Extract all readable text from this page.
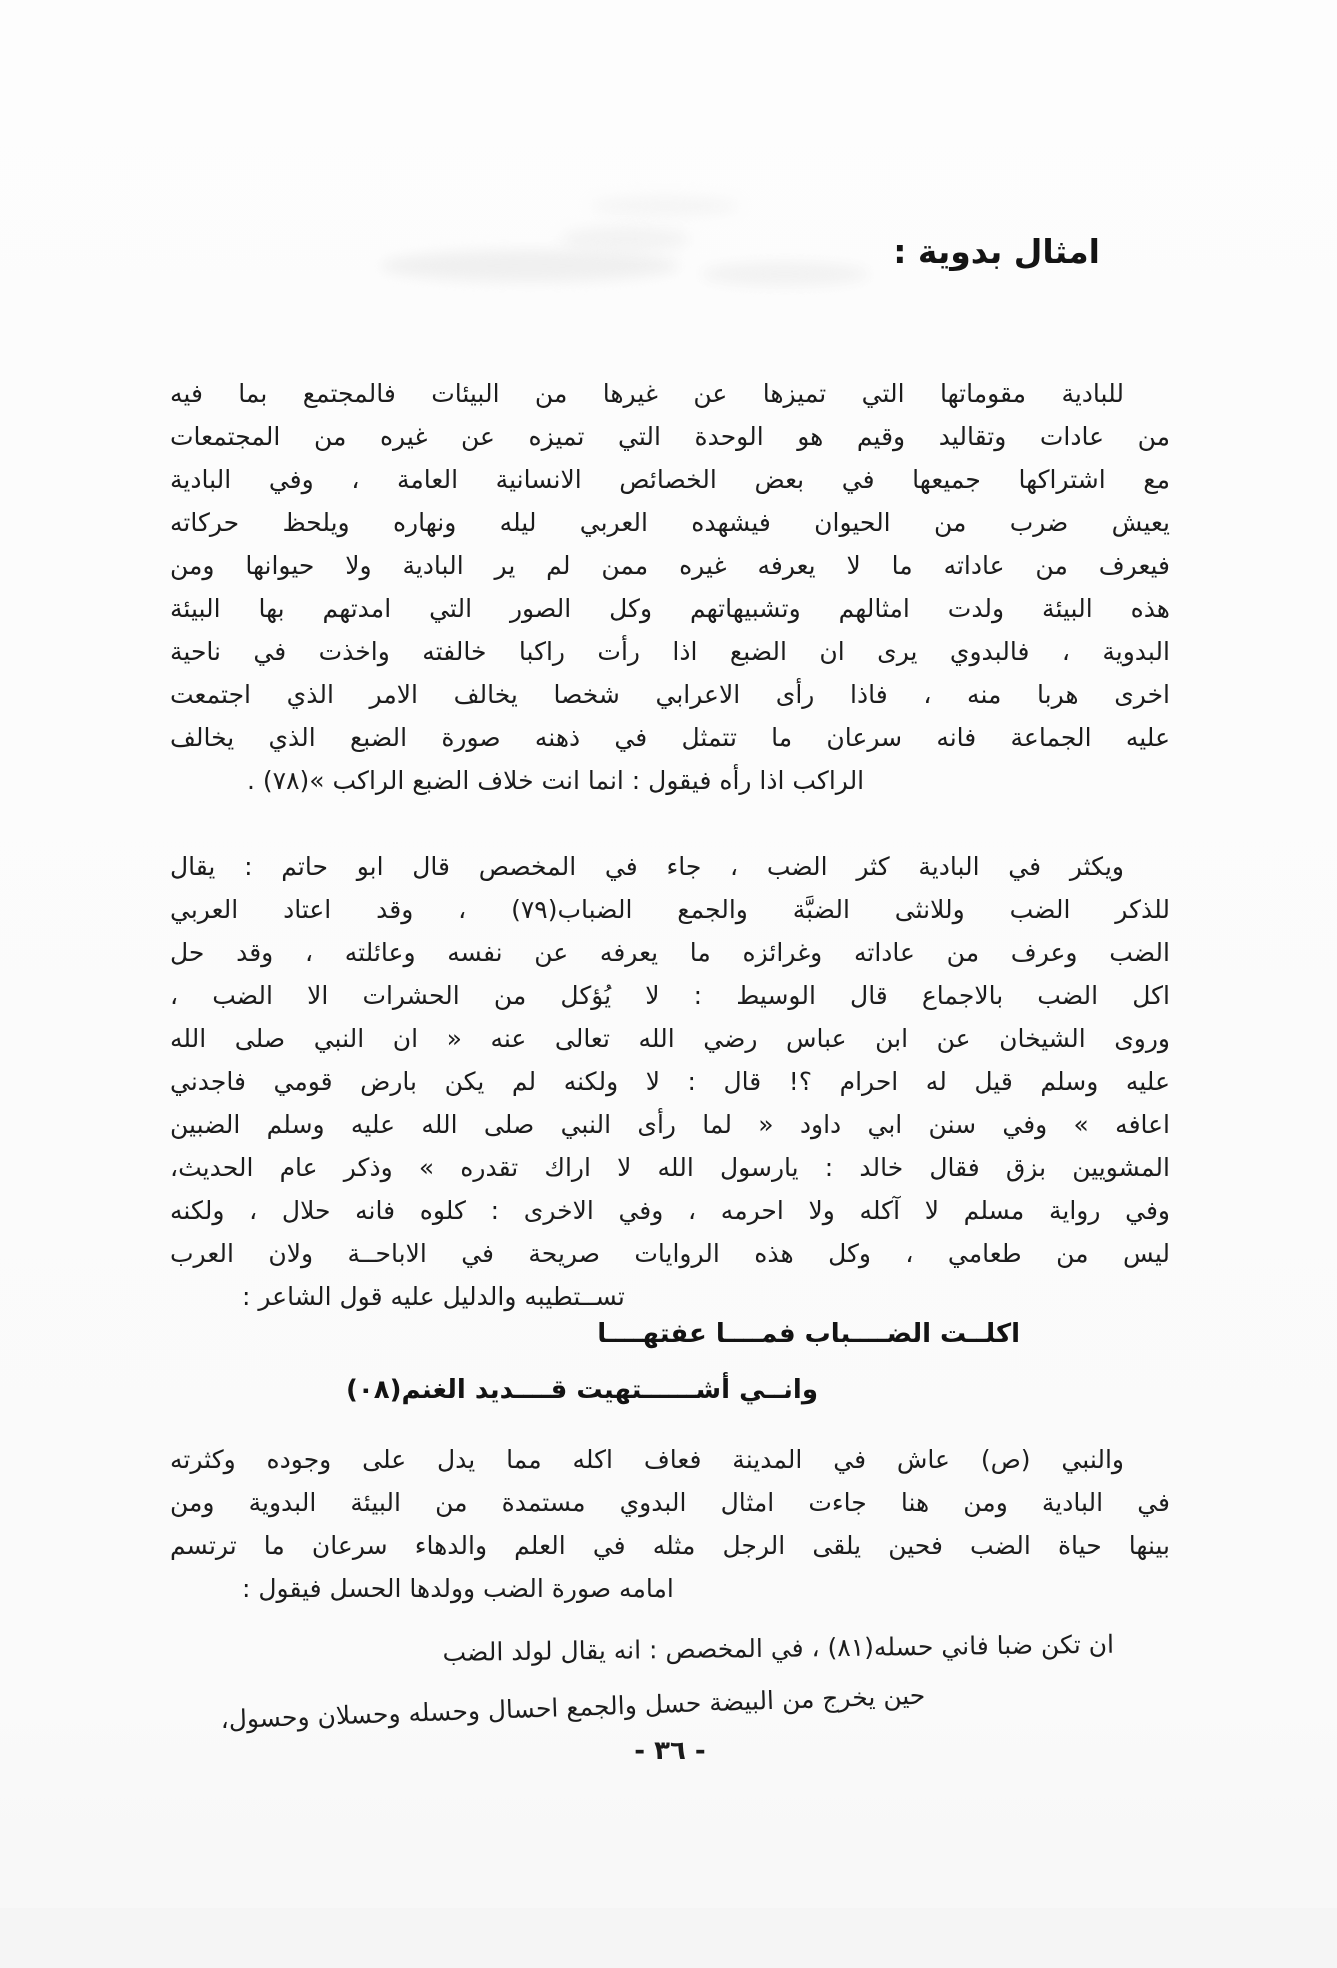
امثال بدوية :
للبادية مقوماتها التي تميزها عن غيرها من البيئات فالمجتمع بما فيه
من عادات وتقاليد وقيم هو الوحدة التي تميزه عن غيره من المجتمعات
مع اشتراكها جميعها في بعض الخصائص الانسانية العامة ، وفي البادية
يعيش ضرب من الحيوان فيشهده العربي ليله ونهاره ويلحظ حركاته
فيعرف من عاداته ما لا يعرفه غيره ممن لم ير البادية ولا حيوانها ومن
هذه البيئة ولدت امثالهم وتشبيهاتهم وكل الصور التي امدتهم بها البيئة
البدوية ، فالبدوي يرى ان الضبع اذا رأت راكبا خالفته واخذت في ناحية
اخرى هربا منه ، فاذا رأى الاعرابي شخصا يخالف الامر الذي اجتمعت
عليه الجماعة فانه سرعان ما تتمثل في ذهنه صورة الضبع الذي يخالف
الراكب اذا رأه فيقول : انما انت خلاف الضبع الراكب »(٧٨) .
ويكثر في البادية كثر الضب ، جاء في المخصص قال ابو حاتم : يقال
للذكر الضب وللانثى الضبَّة والجمع الضباب(٧٩) ، وقد اعتاد العربي
الضب وعرف من عاداته وغرائزه ما يعرفه عن نفسه وعائلته ، وقد حل
اكل الضب بالاجماع قال الوسيط : لا يُؤكل من الحشرات الا الضب ،
وروى الشيخان عن ابن عباس رضي الله تعالى عنه « ان النبي صلى الله
عليه وسلم قيل له احرام ؟! قال : لا ولكنه لم يكن بارض قومي فاجدني
اعافه » وفي سنن ابي داود « لما رأى النبي صلى الله عليه وسلم الضبين
المشويين بزق فقال خالد : يارسول الله لا اراك تقدره » وذكر عام الحديث،
وفي رواية مسلم لا آكله ولا احرمه ، وفي الاخرى : كلوه فانه حلال ، ولكنه
ليس من طعامي ، وكل هذه الروايات صريحة في الاباحــة ولان العرب
تســتطيبه والدليل عليه قول الشاعر :
اكلــت الضــــباب فمــــا عفتهــــا
وانــي أشــــــتهيت قــــديد الغنم(٠٨)
والنبي (ص) عاش في المدينة فعاف اكله مما يدل على وجوده وكثرته
في البادية ومن هنا جاءت امثال البدوي مستمدة من البيئة البدوية ومن
بينها حياة الضب فحين يلقى الرجل مثله في العلم والدهاء سرعان ما ترتسم
امامه صورة الضب وولدها الحسل فيقول :
ان تكن ضبا فاني حسله(٨١) ، في المخصص : انه يقال لولد الضب
حين يخرج من البيضة حسل والجمع احسال وحسله وحسلان وحسول،
- ٣٦ -
